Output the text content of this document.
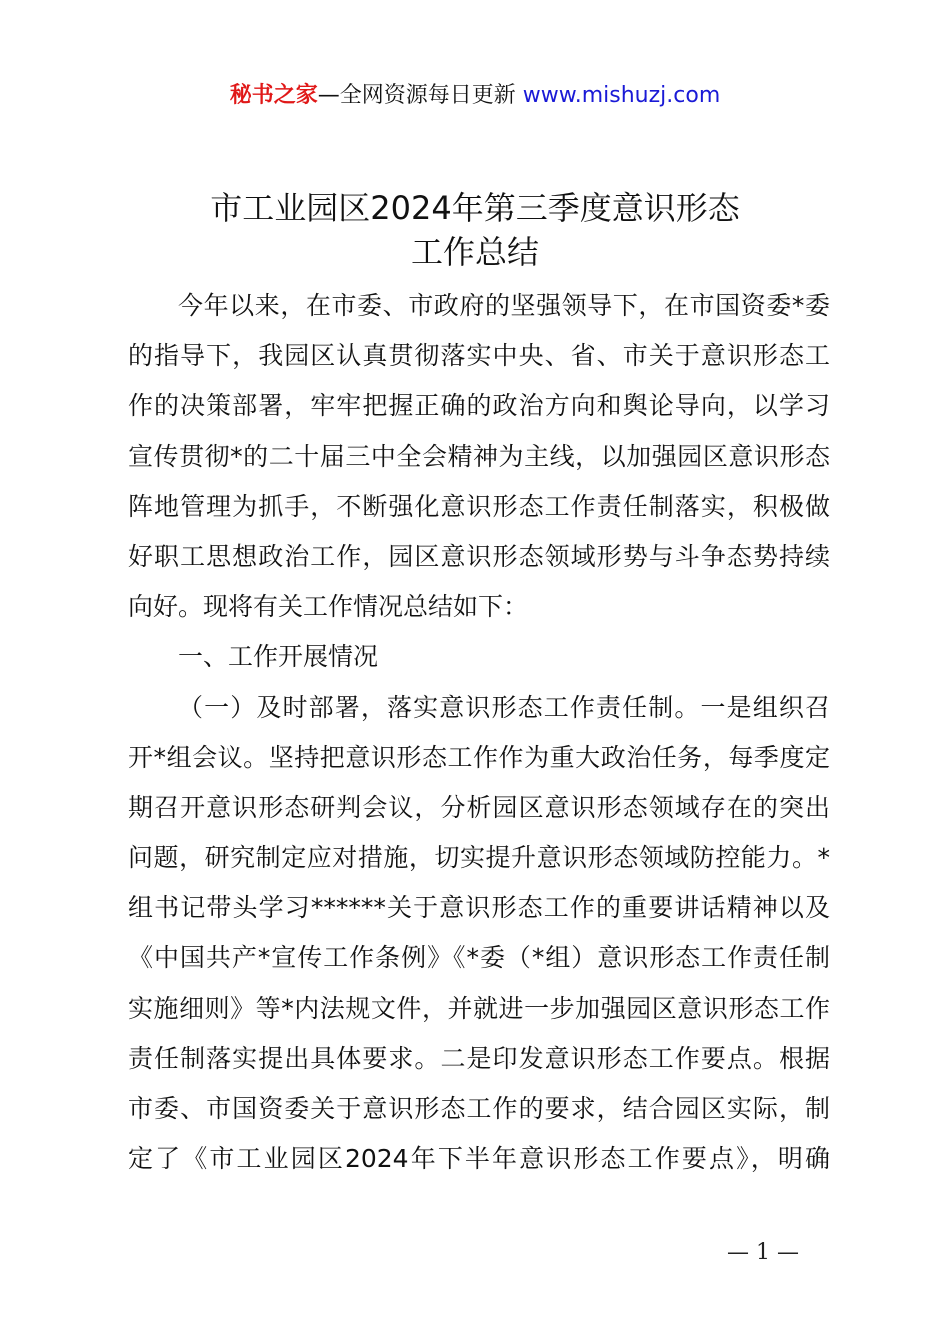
秘书之家—全网资源每日更新 www.mishuzj.com
市工业园区2024年第三季度意识形态
工作总结
今年以来，在市委、市政府的坚强领导下，在市国资委*委
的指导下，我园区认真贯彻落实中央、省、市关于意识形态工
作的决策部署，牢牢把握正确的政治方向和舆论导向，以学习
宣传贯彻*的二十届三中全会精神为主线，以加强园区意识形态
阵地管理为抓手，不断强化意识形态工作责任制落实，积极做
好职工思想政治工作，园区意识形态领域形势与斗争态势持续
向好。现将有关工作情况总结如下：
一、工作开展情况
（一）及时部署，落实意识形态工作责任制。一是组织召
开*组会议。坚持把意识形态工作作为重大政治任务，每季度定
期召开意识形态研判会议，分析园区意识形态领域存在的突出
问题，研究制定应对措施，切实提升意识形态领域防控能力。*
组书记带头学习******关于意识形态工作的重要讲话精神以及
《中国共产*宣传工作条例》《*委（*组）意识形态工作责任制
实施细则》等*内法规文件，并就进一步加强园区意识形态工作
责任制落实提出具体要求。二是印发意识形态工作要点。根据
市委、市国资委关于意识形态工作的要求，结合园区实际，制
定了《市工业园区2024年下半年意识形态工作要点》，明确
— 1 —
